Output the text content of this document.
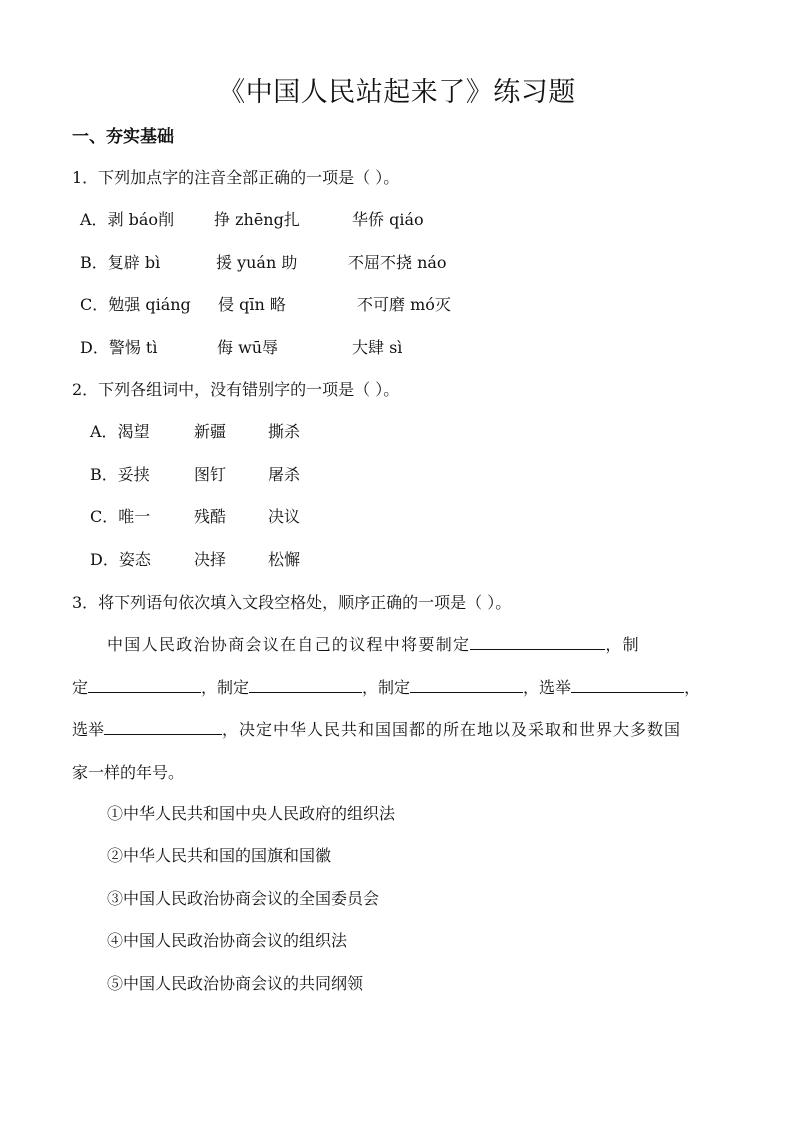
《中国人民站起来了》练习题
一、夯实基础
1．下列加点字的注音全部正确的一项是（ ）。
A．剥 báo削 挣 zhēng扎	华侨 qiáo
B．复辟 bì	援 yuán 助	不屈不挠 náo
C．勉强 qiáng 侵 qīn 略	不可磨 mó灭
D．警惕 tì	侮 wū辱	大肆 sì
2．下列各组词中，没有错别字的一项是（ ）。
A．渴望	新疆	撕杀
B．妥挟	图钉	屠杀
C．唯一	残酷	决议
D．姿态	决择	松懈
3．将下列语句依次填入文段空格处，顺序正确的一项是（ ）。
中国人民政治协商会议在自己的议程中将要制定	，制
定	，制定	，制定	，选举	，
选举	，决定中华人民共和国国都的所在地以及采取和世界大多数国
家一样的年号。
①中华人民共和国中央人民政府的组织法
②中华人民共和国的国旗和国徽
③中国人民政治协商会议的全国委员会
④中国人民政治协商会议的组织法
⑤中国人民政治协商会议的共同纲领
